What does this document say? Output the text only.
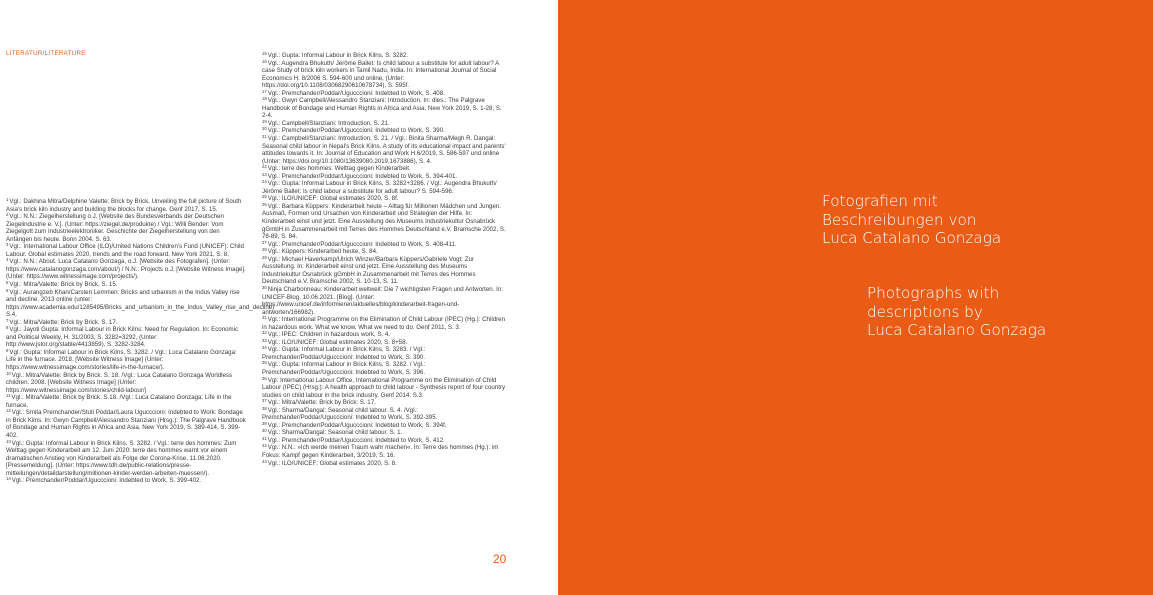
LITERATUR/LITERATURE
$^1$Vgl.: Dakhina Mitra/Delphine Valette: Brick by Brick. Unveiling the full picture of South Asia's brick kiln industry and building the blocks for change. Genf 2017, S. 15.
$^2$Vgl.: N.N.: Ziegelherstellung o.J. [Website des Bundesverbands der Deutschen Ziegelindustrie e. V.]. (Unter: https://ziegel.de/produkte) / Vgl.: Willi Bender: Vom Ziegelgott zum Industrieelektroniker. Geschichte der Ziegelherstellung von den Anfängen bis heute. Bonn 2004. S. 63.
$^3$Vgl.: International Labour Office (ILO)/United Nations Children's Fund (UNICEF): Child Labour. Global estimates 2020, trends and the road forward. New York 2021, S. 8.
$^4$Vgl.: N.N.: About. Luca Catalano Gonzaga, o.J. [Website des Fotografen]. (Unter: https://www.catalanogonzaga.com/about/) / N.N.: Projects o.J. [Website Witness Image]. (Unter: https://www.witnessimage.com/projects/).
$^5$Vgl.: Mitra/Valette: Brick by Brick, S. 15.
$^6$Vgl.: Aurangzeb Khan/Carsten Lemmen: Bricks and urbanism in the Indus Valley rise and decline. 2013 online (unter: https://www.academia.edu/1285495/Bricks_and_urbanism_in_the_Indus_Valley_rise_and_decline) S.4.
$^7$Vgl.: Mitra/Valette: Brick by Brick. S. 17.
$^8$Vgl.: Jayoti Gupta: Informal Labour in Brick Kilns: Need for Regulation. In: Economic and Political Weekly, H. 31/2003, S. 3282=3292, (Unter: http://www.jstor.org/stable/4413859), S. 3282-3284.
$^9$Vgl.: Gupta: Informal Labour in Brick Kilns, S. 3282. / Vgl.: Luca Catalano Gonzaga: Life in the furnace. 2018. [Website Witness Image] (Unter: https://www.witnessimage.com/stories/life-in-the-furnace/).
$^{10}$Vgl.: Mitra/Valette: Brick by Brick. S. 18. /Vgl.: Luca Catalano Gonzaga Worldless children. 2008. [Website Witness Image] (Unter: https://www.witnessimage.com/stories/child-labour/)
$^{11}$Vgl.: Mitra/Valette: Brick by Brick. S.18. /Vgl.: Luca Catalano Gonzaga: Life in the furnace.
$^{12}$Vgl.: Smita Premchander/Stuti Poddar/Laura Ugucccioni: Indebted to Work: Bondage in Brick Kilns. In: Gwyn Campbell/Alessandro Stanziani (Hrsg.): The Palgrave Handbook of Bondage and Human Rights in Africa and Asia. New York 2019, S. 389-414, S. 399-402.
$^{13}$Vgl.: Gupta: Informal Labour in Brick Kilns, S. 3282. / Vgl.: terre des hommes: Zum Welttag gegen Kinderarbeit am 12. Juni 2020: terre des hommes warnt vor einem dramatischen Anstieg von Kinderarbeit als Folge der Corona-Krise, 11.06.2020. [Pressemeldung]. (Unter: https://www.tdh.de/public-relations/presse-mitteilungen/detaildarstellung/millionen-kinder-werden-arbeiten-muessen/).
$^{14}$Vgl.: Premchander/Poddar/Ugucccioni: Indebted to Work, S. 399-402.
$^{15}$Vgl.: Gupta: Informal Labour in Brick Kilns, S. 3282.
$^{16}$Vgl.: Augendra Bhukuth/ Jérôme Ballet: Is child labour a substitute for adult labour? A case Study of brick kiln workers in Tamil Nadu, India. In: International Journal of Social Economics H. 8/2006 S. 594-600 und online, (Unter: https://doi.org/10.1108/03068290610678734), S. 595f.
$^{17}$Vgl.: Premchander/Poddar/Ugucccioni: Indebted to Work, S. 408.
$^{18}$Vgl.: Gwyn Campbell/Alessandro Stanziani: Introduction. In: dies.: The Palgrave Handbook of Bondage and Human Rights in Africa and Asia. New York 2019, S. 1-28, S. 2-4.
$^{19}$Vgl.: Campbell/Stanziani: Introduction, S. 21.
$^{20}$Vgl.: Premchander/Poddar/Ugucccioni: Indebted to Work, S. 390.
$^{21}$Vgl.: Campbell/Stanziani: Introduction, S. 21. / Vgl.: Binita Sharma/Megh R. Dangal: Seasonal child labour in Nepal's Brick Kilns. A study of its educational impact and parents' attitudes towards it. In: Journal of Education and Work H.6/2019, S. 586-597 und online (Unter: https://doi.org/10.1080/13639080.2019.1673886), S. 4.
$^{22}$Vgl.: terre des hommes: Welttag gegen Kinderarbeit.
$^{23}$Vgl.: Premchander/Poddar/Ugucccioni: Indebted to Work, S. 394-401.
$^{24}$Vgl.: Gupta: Informal Labour in Brick Kilns, S. 3282+3286. / Vgl.: Augendra Bhukuth/ Jérôme Ballet: Is child labour a substitute for adult labour? S. 594-596.
$^{25}$Vgl.: ILO/UNICEF: Global estimates 2020, S. 8f.
$^{26}$Vgl.: Barbara Küppers: Kinderarbeit heute – Alltag für Millionen Mädchen und Jungen. Ausmaß, Formen und Ursachen von Kinderarbeit und Strategien der Hilfe. In: Kinderarbeit einst und jetzt. Eine Ausstellung des Museums Industriekultur Osnabrück gGmbH in Zusammenarbeit mit Terres des Hommes Deutschland e.V. Bramsche 2002, S. 78-89, S. 84.
$^{27}$Vgl.: Premchander/Poddar/Ugucccioni: Indebted to Work, S. 408-411.
$^{28}$Vgl.: Küppers: Kinderarbeit heute, S. 84.
$^{29}$Vgl.: Michael Haverkamp/Ulrich Winzer/Barbara Küppers/Gabriele Vogt: Zur Ausstellung. In: Kinderarbeit einst und jetzt. Eine Ausstellung des Museums Industriekultur Osnabrück gGmbH in Zusammenarbeit mit Terres des Hommes Deutschland e.V. Bramsche 2002, S. 10-13, S. 11.
$^{30}$Ninja Charbonneau: Kinderarbeit weltweit: Die 7 wichtigsten Fragen und Antworten. In: UNICEF-Blog, 10.06.2021. [Blog]. (Unter: https://www.unicef.de/informieren/aktuelles/blog/kinderarbeit-fragen-und-antworten/166982).
$^{31}$Vgl.: International Programme on the Elimination of Child Labour (IPEC) (Hg.): Children in hazardous work. What we know, What we need to do. Genf 2011, S. 3.
$^{32}$Vgl.: IPEC: Children in hazardous work, S. 4.
$^{33}$Vgl.: ILO/UNICEF: Global estimates 2020, S. 8+58.
$^{34}$Vgl.: Gupta: Informal Labour in Brick Kilns, S. 3283. / Vgl.: Premchander/Poddar/Ugucccioni: Indebted to Work, S. 390.
$^{35}$Vgl.: Gupta: Informal Labour in Brick Kilns, S. 3282. / Vgl.: Premchander/Poddar/Ugucccioni: Indebted to Work, S. 396.
$^{36}$Vgl: International Labour Office, International Programme on the Elimination of Child Labour (IPEC) (Hrsg.): A health approach to child labour - Synthesis report of four country studies on child labour in the brick industry. Genf 2014. S.3.
$^{37}$Vgl.: Mitra/Valette: Brick by Brick: S. 17.
$^{38}$Vgl.: Sharma/Dangal: Seasonal child labour. S. 4. /Vgl.: Premchander/Poddar/Ugucccioni: Indebted to Work, S. 392-395.
$^{39}$Vgl.: Premchander/Poddar/Ugucccioni: Indebted to Work, S. 394f.
$^{40}$Vgl.: Sharma/Dangal: Seasonal child labour. S. 1.
$^{41}$Vgl.: Premchander/Poddar/Ugucccioni: Indebted to Work, S. 412.
$^{42}$Vgl.: N.N.: »Ich werde meinen Traum wahr machen«. In: Terre des hommes (Hg.): im Fokus: Kampf gegen Kinderarbeit, 3/2019, S. 16.
$^{43}$Vgl.: ILO/UNICEF: Global estimates 2020, S. 8.
20
Fotografien mit
Beschreibungen von
Luca Catalano Gonzaga
Photographs with
descriptions by
Luca Catalano Gonzaga
